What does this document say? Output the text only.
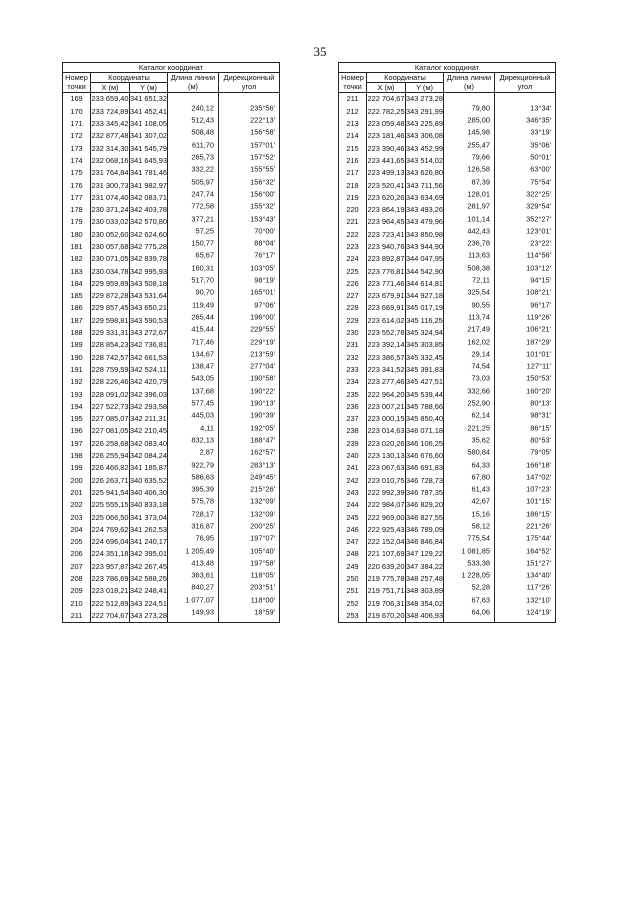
35
Каталог координат				
Номер точки	Координаты		Длина линии (м)	Дирекционный угол
	X (м)	Y (м)		
169	233 659,40	341 651,32	240,12	235°56'
170	233 724,89	341 452,41	512,43	222°13'
171	233 345,42	341 108,05	508,48	156°58'
172	232 877,48	341 307,02	611,70	157°01'
173	232 314,30	341 545,79	265,73	157°52'
174	232 068,16	341 645,93	332,22	155°55'
175	231 764,84	341 781,46	505,97	156°32'
176	231 300,73	341 982,97	247,74	156°00'
177	231 074,40	342 083,71	772,58	155°32'
178	230 371,24	342 403,78	377,21	153°43'
179	230 033,02	342 570,80	57,25	70°00'
180	230 052,60	342 624,60	150,77	88°04'
181	230 057,68	342 775,28	65,67	76°17'
182	230 071,05	342 839,78	160,31	103°05'
183	230 034,78	342 995,93	517,70	98°19'
184	229 959,89	343 508,18	90,70	165°01'
185	229 872,28	343 531,64	119,49	97°06'
186	229 857,45	343 650,21	265,44	196°00'
187	229 598,81	343 590,53	415,44	229°55'
188	229 331,31	343 272,67	717,46	229°19'
189	228 854,23	342 736,81	134,67	213°59'
190	228 742,57	342 661,53	138,47	277°04'
191	228 759,59	342 524,11	543,05	190°58'
192	228 226,46	342 420,79	137,68	190°22'
193	228 091,02	342 396,03	577,45	190°13'
194	227 522,73	342 293,58	445,03	190°39'
195	227 085,07	342 211,31	4,11	192°05'
196	227 081,05	342 210,45	832,13	188°47'
197	226 258,68	342 083,40	2,87	162°57'
198	226 255,94	342 084,24	922,79	283°13'
199	226 466,82	341 185,87	586,63	249°45'
200	226 263,71	340 635,52	395,39	215°26'
201	225 941,54	340 406,30	575,78	132°09'
202	225 555,15	340 833,18	728,17	132°09'
203	225 066,50	341 373,04	316,87	200°25'
204	224 769,62	341 262,53	76,95	197°07'
205	224 696,04	341 240,17	1 205,49	105°40'
206	224 351,18	342 395,01	413,48	197°58'
207	223 957,87	342 267,45	363,61	118°05'
208	223 786,69	342 588,25	840,27	203°51'
209	223 018,21	342 248,41	1 077,07	118°00'
210	222 512,89	343 224,51	149,93	18°59'
211	222 704,67	343 273,28		
Каталог координат				
Номер точки	Координаты		Длина линии (м)	Дирекционный угол
	X (м)	Y (м)		
211	222 704,67	343 273,28	79,80	13°34'
212	222 782,25	343 291,99	285,00	346°35'
213	223 059,48	343 225,89	145,98	33°19'
214	223 181,46	343 306,08	255,47	35°06'
215	223 390,46	343 452,99	79,66	50°01'
216	223 441,65	343 514,02	126,58	63°00'
217	223 499,13	343 626,80	87,39	75°54'
218	223 520,41	343 711,56	128,01	322°25'
219	223 620,26	343 634,69	281,97	329°54'
220	223 864,19	343 493,26	101,14	352°27'
221	223 964,45	343 479,96	442,43	123°01'
222	223 723,41	343 850,98	236,78	23°22'
223	223 940,76	343 944,90	113,63	114°56'
224	223 892,87	344 047,95	508,38	103°12'
225	223 776,81	344 542,90	72,11	94°15'
226	223 771,46	344 614,81	325,54	108°21'
227	223 679,91	344 927,18	90,55	96°17'
228	223 669,91	345 017,19	113,74	119°26'
229	223 614,02	345 116,25	217,49	106°21'
230	223 552,78	345 324,94	162,02	187°29'
231	223 392,14	345 303,85	29,14	101°01'
232	223 386,57	345 332,45	74,54	127°11'
233	223 341,52	345 391,83	73,03	150°53'
234	223 277,46	345 427,51	332,66	160°20'
235	222 964,20	345 539,44	252,90	80°13'
236	223 007,21	345 788,66	62,14	98°31'
237	223 000,15	345 850,40	221,25	86°15'
238	223 014,63	346 071,18	35,62	80°53'
239	223 020,26	346 106,25	580,84	79°05'
240	223 130,13	346 676,60	64,33	166°18'
241	223 067,63	346 691,83	67,80	147°02'
242	223 010,75	346 728,73	61,43	107°23'
243	222 992,39	346 787,35	42,67	101°15'
244	222 984,07	346 829,20	15,16	186°15'
245	222 969,00	346 827,55	58,12	221°26'
246	222 925,43	346 789,09	775,54	175°44'
247	222 152,04	346 846,84	1 081,85	164°52'
248	221 107,69	347 129,22	533,38	151°27'
249	220 639,20	347 384,22	1 228,05	134°40'
250	219 775,78	348 257,48	52,28	117°26'
251	219 751,71	348 303,89	67,63	132°10'
252	219 706,31	348 354,02	64,06	124°19'
253	219 670,20	348 406,93		
